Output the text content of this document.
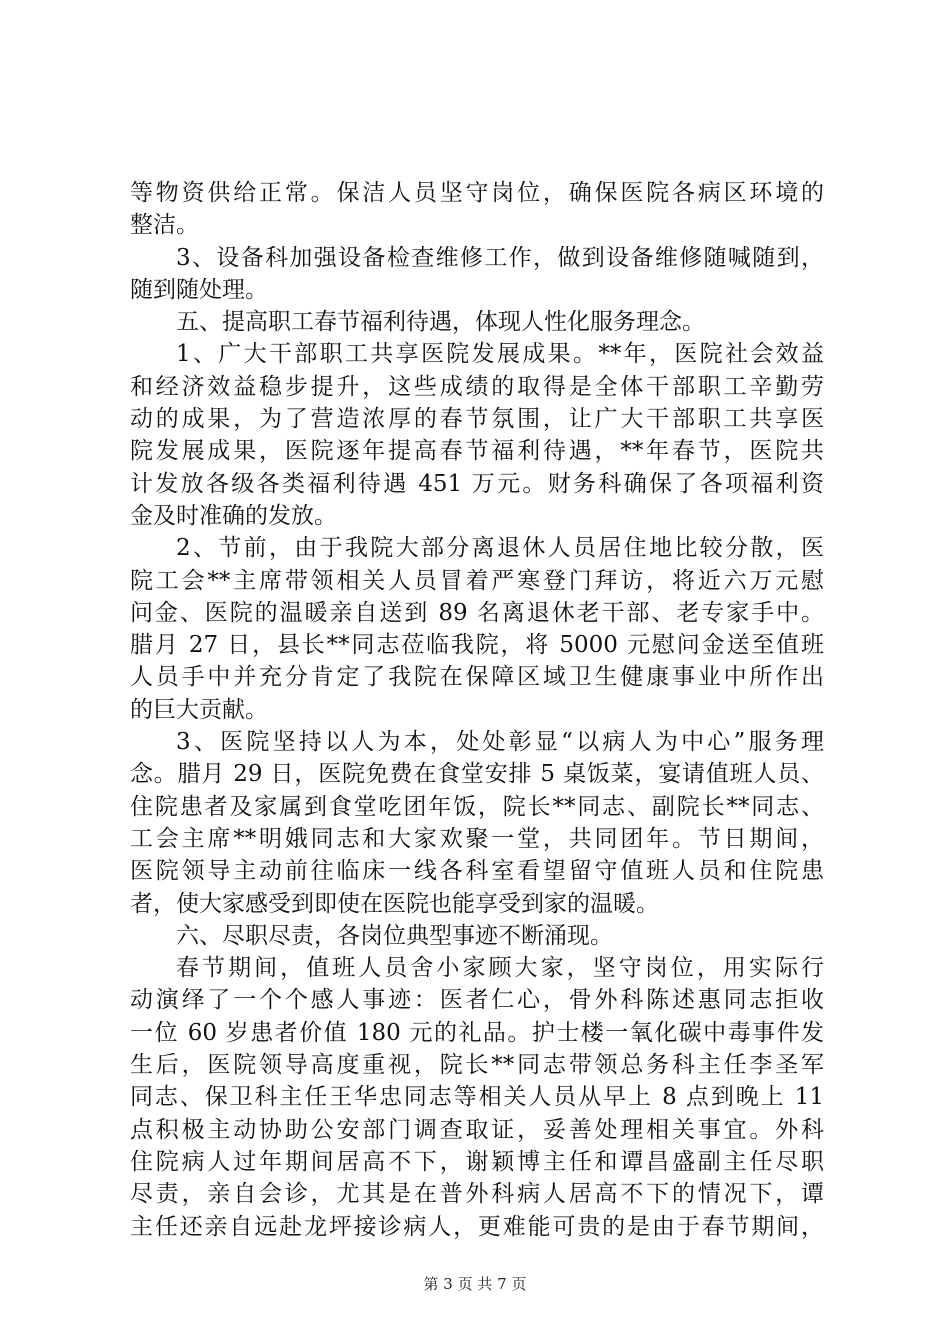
等物资供给正常。保洁人员坚守岗位，确保医院各病区环境的
整洁。
3、设备科加强设备检查维修工作，做到设备维修随喊随到，
随到随处理。
五、提高职工春节福利待遇，体现人性化服务理念。
1、广大干部职工共享医院发展成果。**年，医院社会效益
和经济效益稳步提升，这些成绩的取得是全体干部职工辛勤劳
动的成果，为了营造浓厚的春节氛围，让广大干部职工共享医
院发展成果，医院逐年提高春节福利待遇，**年春节，医院共
计发放各级各类福利待遇 451 万元。财务科确保了各项福利资
金及时准确的发放。
2、节前，由于我院大部分离退休人员居住地比较分散，医
院工会**主席带领相关人员冒着严寒登门拜访，将近六万元慰
问金、医院的温暖亲自送到 89 名离退休老干部、老专家手中。
腊月 27 日，县长**同志莅临我院，将 5000 元慰问金送至值班
人员手中并充分肯定了我院在保障区域卫生健康事业中所作出
的巨大贡献。
3、医院坚持以人为本，处处彰显“以病人为中心”服务理
念。腊月 29 日，医院免费在食堂安排 5 桌饭菜，宴请值班人员、
住院患者及家属到食堂吃团年饭，院长**同志、副院长**同志、
工会主席**明娥同志和大家欢聚一堂，共同团年。节日期间，
医院领导主动前往临床一线各科室看望留守值班人员和住院患
者，使大家感受到即使在医院也能享受到家的温暖。
六、尽职尽责，各岗位典型事迹不断涌现。
春节期间，值班人员舍小家顾大家，坚守岗位，用实际行
动演绎了一个个感人事迹：医者仁心，骨外科陈述惠同志拒收
一位 60 岁患者价值 180 元的礼品。护士楼一氧化碳中毒事件发
生后，医院领导高度重视，院长**同志带领总务科主任李圣军
同志、保卫科主任王华忠同志等相关人员从早上 8 点到晚上 11
点积极主动协助公安部门调查取证，妥善处理相关事宜。外科
住院病人过年期间居高不下，谢颖博主任和谭昌盛副主任尽职
尽责，亲自会诊，尤其是在普外科病人居高不下的情况下，谭
主任还亲自远赴龙坪接诊病人，更难能可贵的是由于春节期间，
第 3 页 共 7 页
